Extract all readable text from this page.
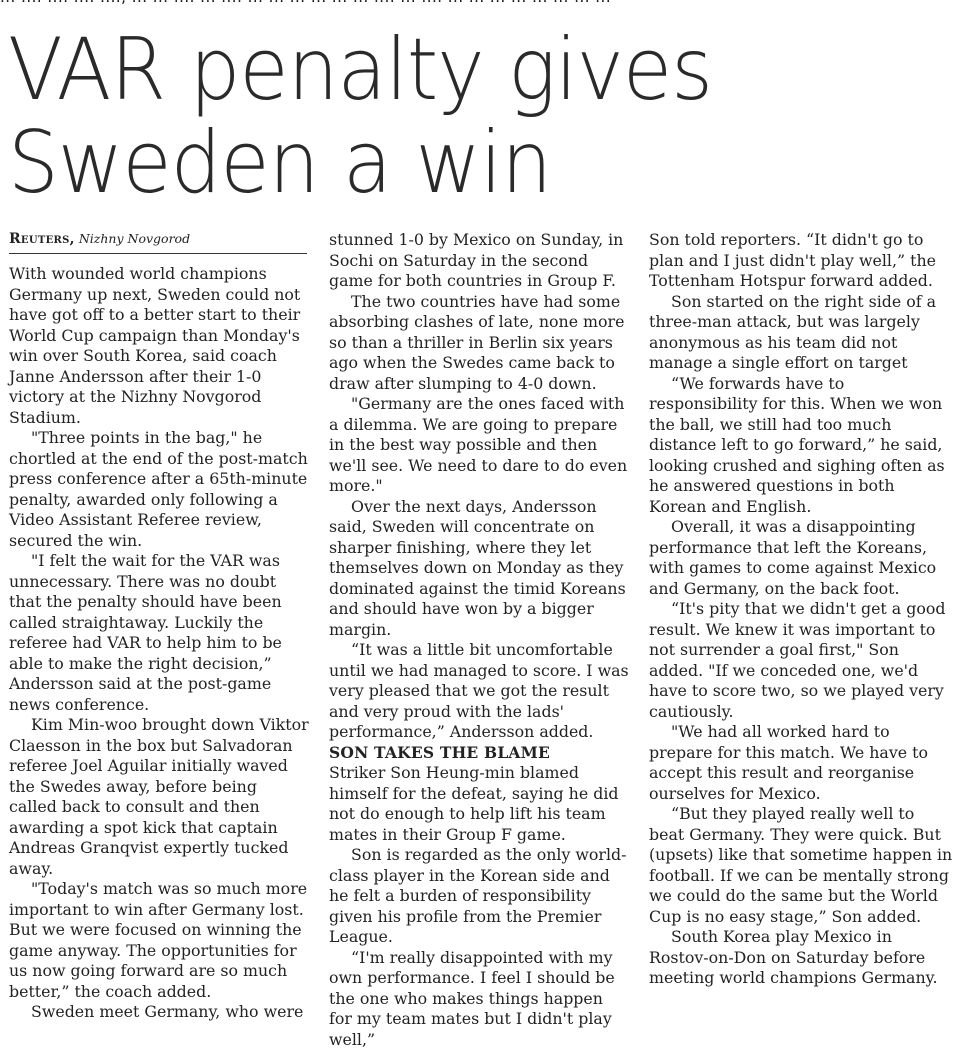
VAR penalty gives
Sweden a win
Reuters, Nizhny Novgorod

With wounded world champions Germany up next, Sweden could not have got off to a better start to their World Cup campaign than Monday's win over South Korea, said coach Janne Andersson after their 1-0 victory at the Nizhny Novgorod Stadium.

"Three points in the bag," he chortled at the end of the post-match press conference after a 65th-minute penalty, awarded only following a Video Assistant Referee review, secured the win.

"I felt the wait for the VAR was unnecessary. There was no doubt that the penalty should have been called straightaway. Luckily the referee had VAR to help him to be able to make the right decision,” Andersson said at the post-game news conference.

Kim Min-woo brought down Viktor Claesson in the box but Salvadoran referee Joel Aguilar initially waved the Swedes away, before being called back to consult and then awarding a spot kick that captain Andreas Granqvist expertly tucked away.

"Today's match was so much more important to win after Germany lost. But we were focused on winning the game anyway. The opportunities for us now going forward are so much better,” the coach added.

Sweden meet Germany, who were

stunned 1-0 by Mexico on Sunday, in Sochi on Saturday in the second game for both countries in Group F.

The two countries have had some absorbing clashes of late, none more so than a thriller in Berlin six years ago when the Swedes came back to draw after slumping to 4-0 down.

"Germany are the ones faced with a dilemma. We are going to prepare in the best way possible and then we'll see. We need to dare to do even more."

Over the next days, Andersson said, Sweden will concentrate on sharper finishing, where they let themselves down on Monday as they dominated against the timid Koreans and should have won by a bigger margin.

“It was a little bit uncomfortable until we had managed to score. I was very pleased that we got the result and very proud with the lads' performance,” Andersson added.

SON TAKES THE BLAME

Striker Son Heung-min blamed himself for the defeat, saying he did not do enough to help lift his team mates in their Group F game.

Son is regarded as the only world-class player in the Korean side and he felt a burden of responsibility given his profile from the Premier League.

“I'm really disappointed with my own performance. I feel I should be the one who makes things happen for my team mates but I didn't play well,”

Son told reporters. “It didn't go to plan and I just didn't play well,” the Tottenham Hotspur forward added.

Son started on the right side of a three-man attack, but was largely anonymous as his team did not manage a single effort on target

“We forwards have to responsibility for this. When we won the ball, we still had too much distance left to go forward,” he said, looking crushed and sighing often as he answered questions in both Korean and English.

Overall, it was a disappointing performance that left the Koreans, with games to come against Mexico and Germany, on the back foot.

“It's pity that we didn't get a good result. We knew it was important to not surrender a goal first," Son added. "If we conceded one, we'd have to score two, so we played very cautiously.

"We had all worked hard to prepare for this match. We have to accept this result and reorganise ourselves for Mexico.

“But they played really well to beat Germany. They were quick. But (upsets) like that sometime happen in football. If we can be mentally strong we could do the same but the World Cup is no easy stage,” Son added.

South Korea play Mexico in Rostov-on-Don on Saturday before meeting world champions Germany.
